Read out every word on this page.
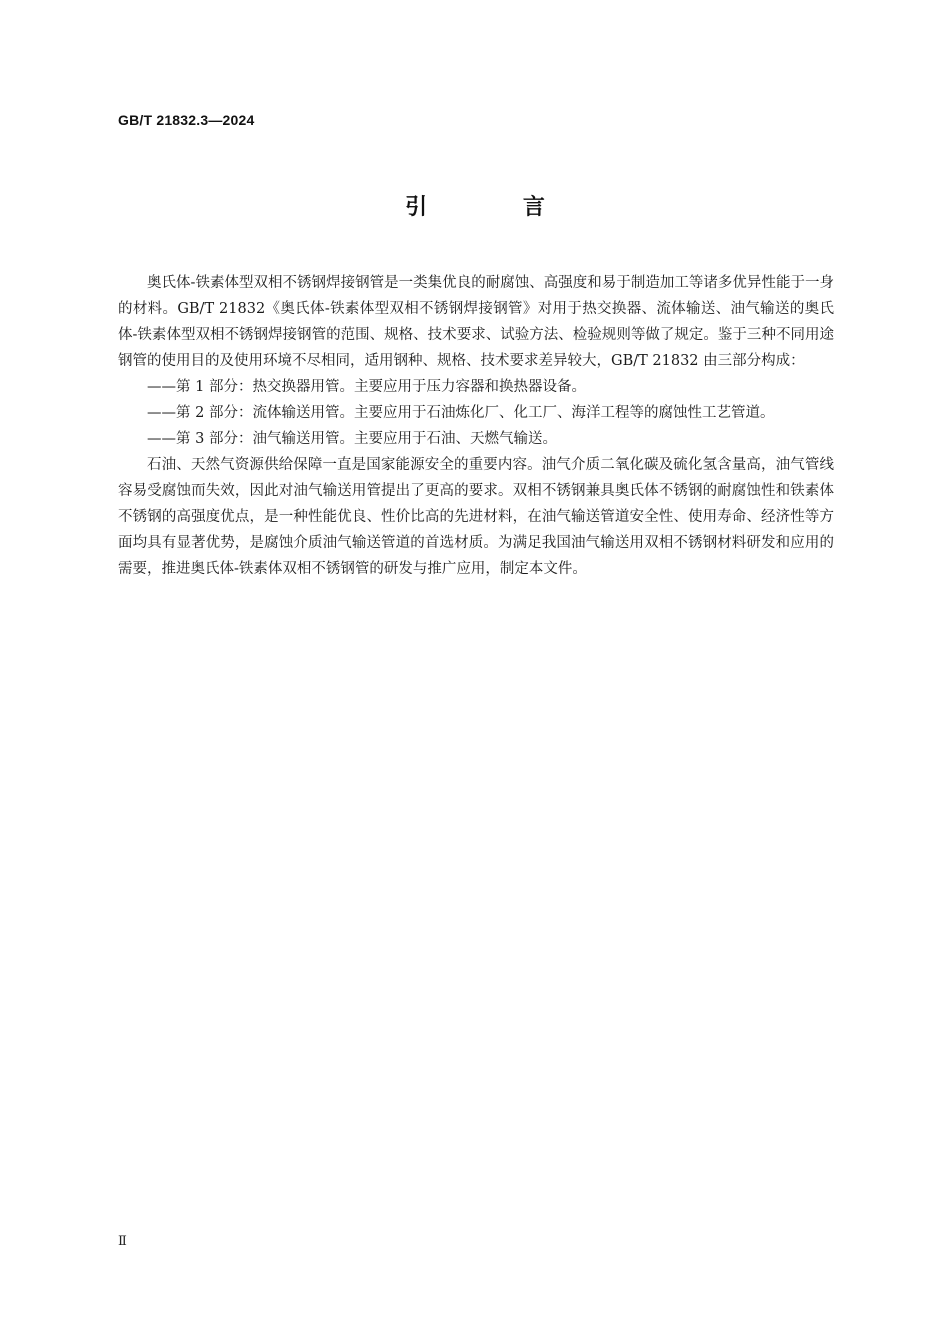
GB/T 21832.3—2024
引 言

奥氏体-铁素体型双相不锈钢焊接钢管是一类集优良的耐腐蚀、高强度和易于制造加工等诸多优异性能于一身的材料。GB/T 21832《奥氏体-铁素体型双相不锈钢焊接钢管》对用于热交换器、流体输送、油气输送的奥氏体-铁素体型双相不锈钢焊接钢管的范围、规格、技术要求、试验方法、检验规则等做了规定。鉴于三种不同用途钢管的使用目的及使用环境不尽相同，适用钢种、规格、技术要求差异较大，GB/T 21832 由三部分构成：

——第 1 部分：热交换器用管。主要应用于压力容器和换热器设备。

——第 2 部分：流体输送用管。主要应用于石油炼化厂、化工厂、海洋工程等的腐蚀性工艺管道。

——第 3 部分：油气输送用管。主要应用于石油、天燃气输送。

石油、天然气资源供给保障一直是国家能源安全的重要内容。油气介质二氧化碳及硫化氢含量高，油气管线容易受腐蚀而失效，因此对油气输送用管提出了更高的要求。双相不锈钢兼具奥氏体不锈钢的耐腐蚀性和铁素体不锈钢的高强度优点，是一种性能优良、性价比高的先进材料，在油气输送管道安全性、使用寿命、经济性等方面均具有显著优势，是腐蚀介质油气输送管道的首选材质。为满足我国油气输送用双相不锈钢材料研发和应用的需要，推进奥氏体-铁素体双相不锈钢管的研发与推广应用，制定本文件。

Ⅱ
